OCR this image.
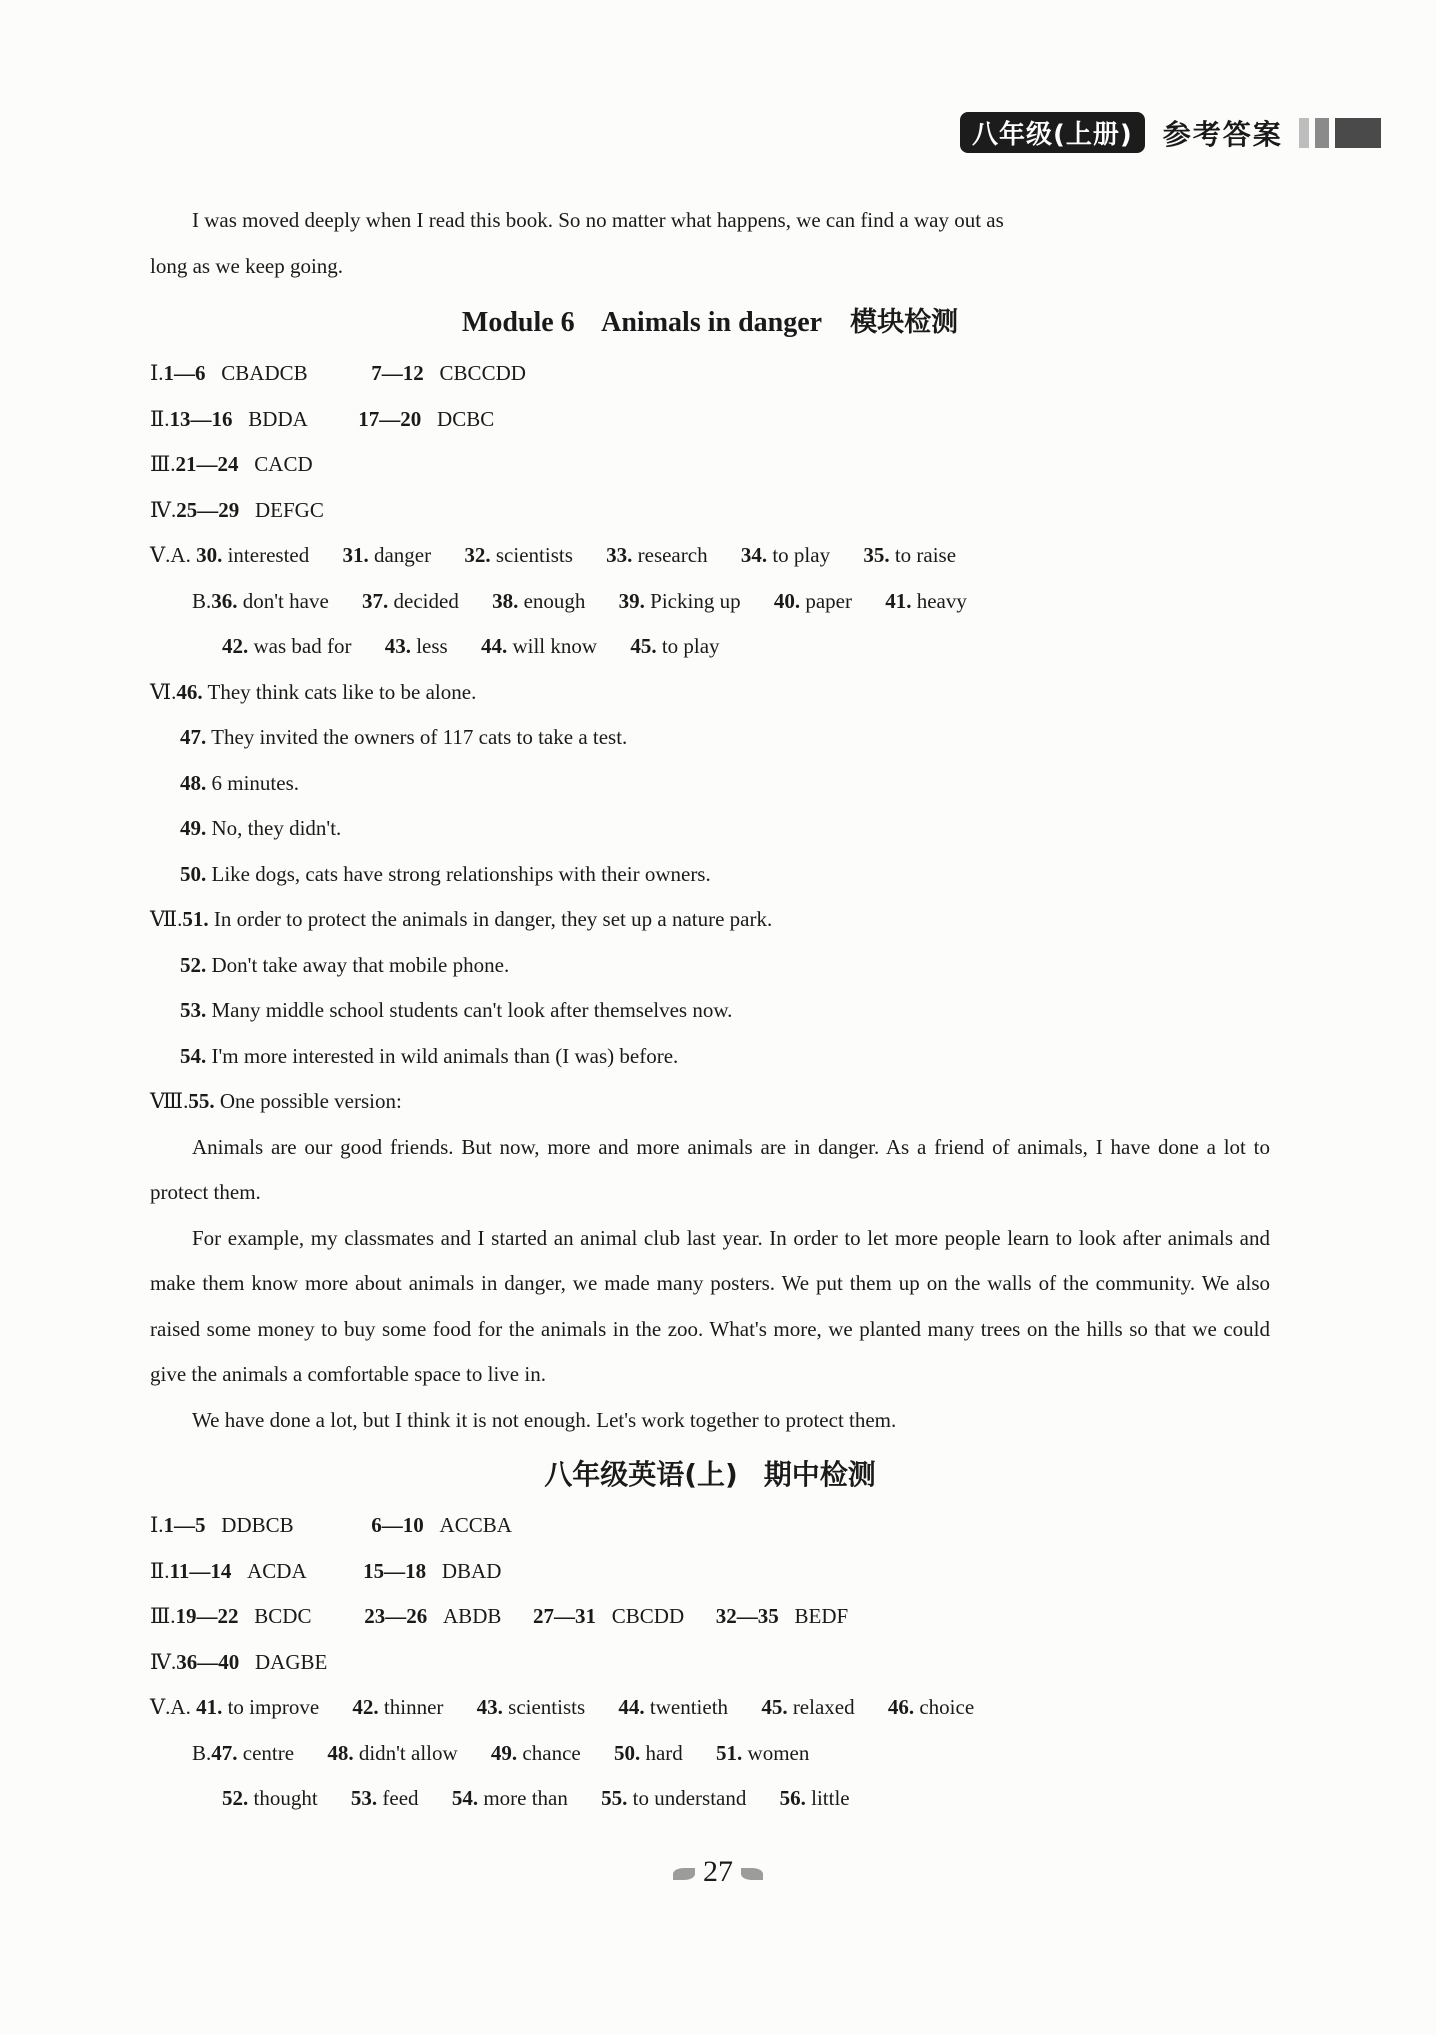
八年级(上册)	参考答案
I was moved deeply when I read this book. So no matter what happens, we can find a way out as
long as we keep going.
Module 6    Animals in danger 模块检测
Ⅰ.1—6 CBADCB	7—12 CBCCDD
Ⅱ.13—16 BDDA 17—20 DCBC
Ⅲ.21—24 CACD
Ⅳ.25—29 DEFGC
Ⅴ.A. 30. interested 31. danger 32. scientists 33. research 34. to play 35. to raise
B.36. don't have 37. decided 38. enough 39. Picking up 40. paper 41. heavy
42. was bad for 43. less 44. will know 45. to play
Ⅵ.46. They think cats like to be alone.
47. They invited the owners of 117 cats to take a test.
48. 6 minutes.
49. No, they didn't.
50. Like dogs, cats have strong relationships with their owners.
Ⅶ.51. In order to protect the animals in danger, they set up a nature park.
52. Don't take away that mobile phone.
53. Many middle school students can't look after themselves now.
54. I'm more interested in wild animals than (I was) before.
Ⅷ.55. One possible version:

Animals are our good friends. But now, more and more animals are in danger. As a friend of animals, I have done a lot to protect them.

For example, my classmates and I started an animal club last year. In order to let more people learn to look after animals and make them know more about animals in danger, we made many posters. We put them up on the walls of the community. We also raised some money to buy some food for the animals in the zoo. What's more, we planted many trees on the hills so that we could give the animals a comfortable space to live in.

We have done a lot, but I think it is not enough. Let's work together to protect them.

八年级英语(上) 期中检测
Ⅰ.1—5 DDBCB	6—10 ACCBA
Ⅱ.11—14 ACDA	15—18 DBAD
Ⅲ.19—22 BCDC	23—26 ABDB 27—31 CBCDD 32—35 BEDF
Ⅳ.36—40 DAGBE
Ⅴ.A. 41. to improve 42. thinner 43. scientists 44. twentieth 45. relaxed 46. choice
B.47. centre 48. didn't allow 49. chance 50. hard 51. women
52. thought 53. feed 54. more than 55. to understand 56. little
27
